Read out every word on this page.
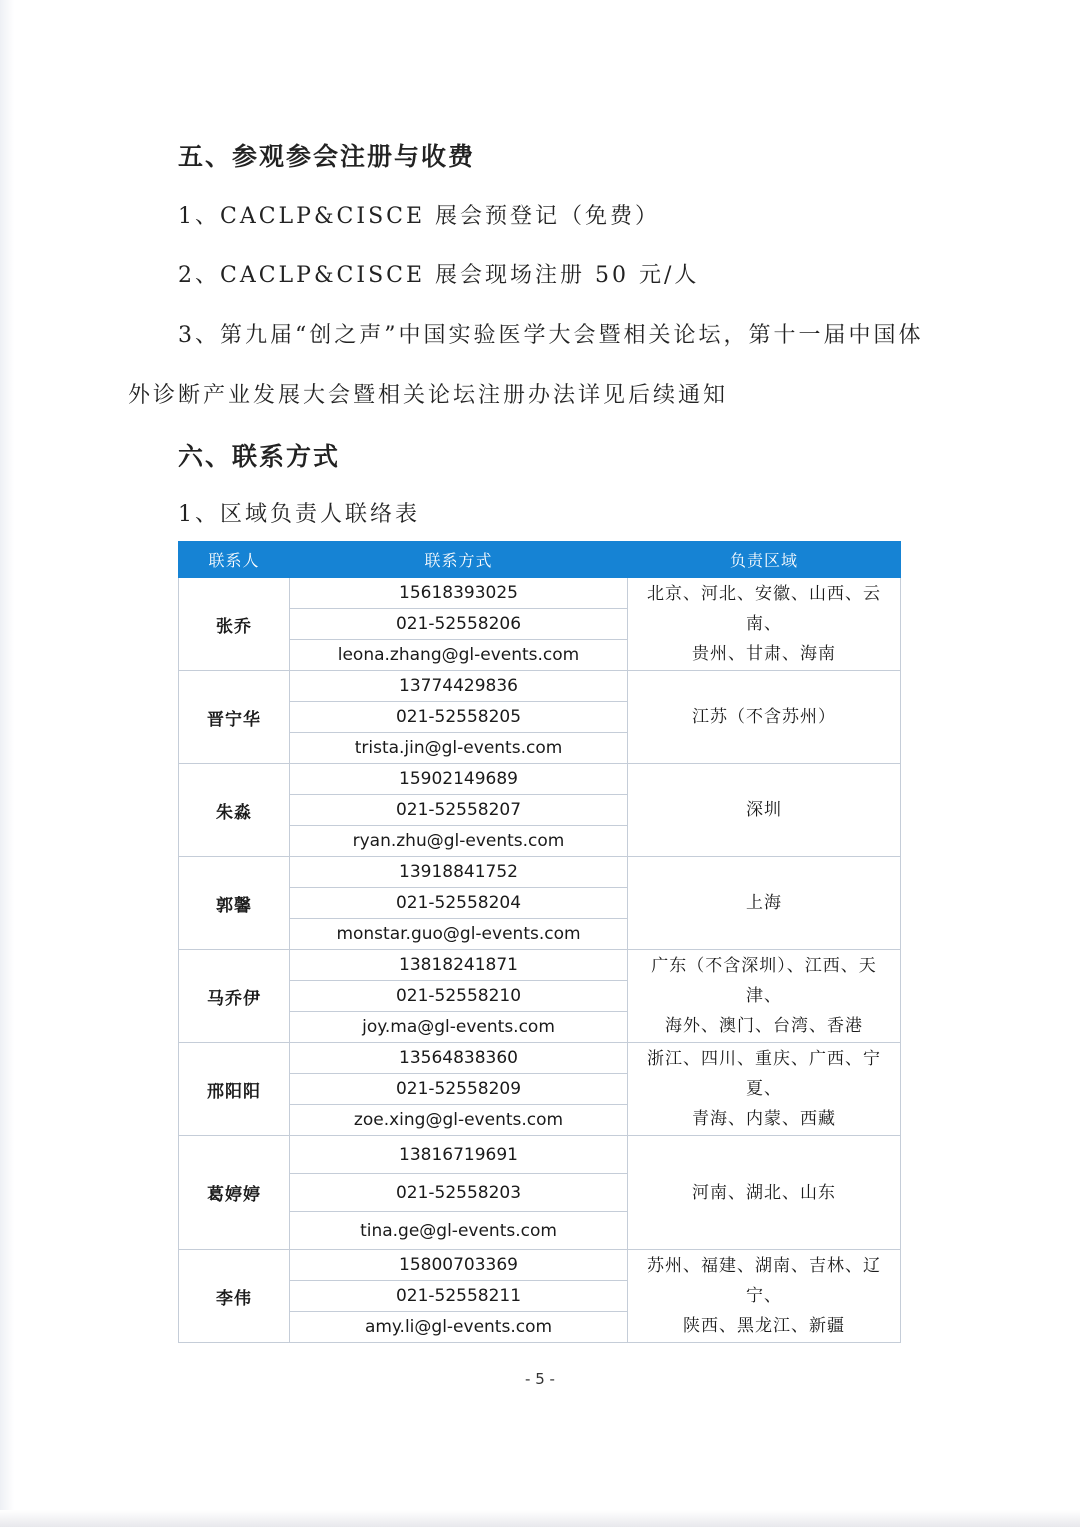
五、参观参会注册与收费

1、CACLP&CISCE 展会预登记（免费）

2、CACLP&CISCE 展会现场注册 50 元/人

3、第九届“创之声”中国实验医学大会暨相关论坛，第十一届中国体

外诊断产业发展大会暨相关论坛注册办法详见后续通知

六、联系方式

1、区域负责人联络表

联系人	联系方式	负责区域
张乔	15618393025	北京、河北、安徽、山西、云南、
贵州、甘肃、海南

	021-52558206	
	leona.zhang@gl-events.com	
晋宁华	13774429836	江苏（不含苏州）

	021-52558205	
	trista.jin@gl-events.com	
朱淼	15902149689	深圳

	021-52558207	
	ryan.zhu@gl-events.com	
郭馨	13918841752	上海

	021-52558204	
	monstar.guo@gl-events.com	
马乔伊	13818241871	广东（不含深圳）、江西、天津、
海外、澳门、台湾、香港

	021-52558210	
	joy.ma@gl-events.com	
邢阳阳	13564838360	浙江、四川、重庆、广西、宁夏、
青海、内蒙、西藏

	021-52558209	
	zoe.xing@gl-events.com	
葛婷婷	13816719691	河南、湖北、山东

	021-52558203	
	tina.ge@gl-events.com	
李伟	15800703369	苏州、福建、湖南、吉林、辽宁、
陕西、黑龙江、新疆

	021-52558211	
	amy.li@gl-events.com	
- 5 -
